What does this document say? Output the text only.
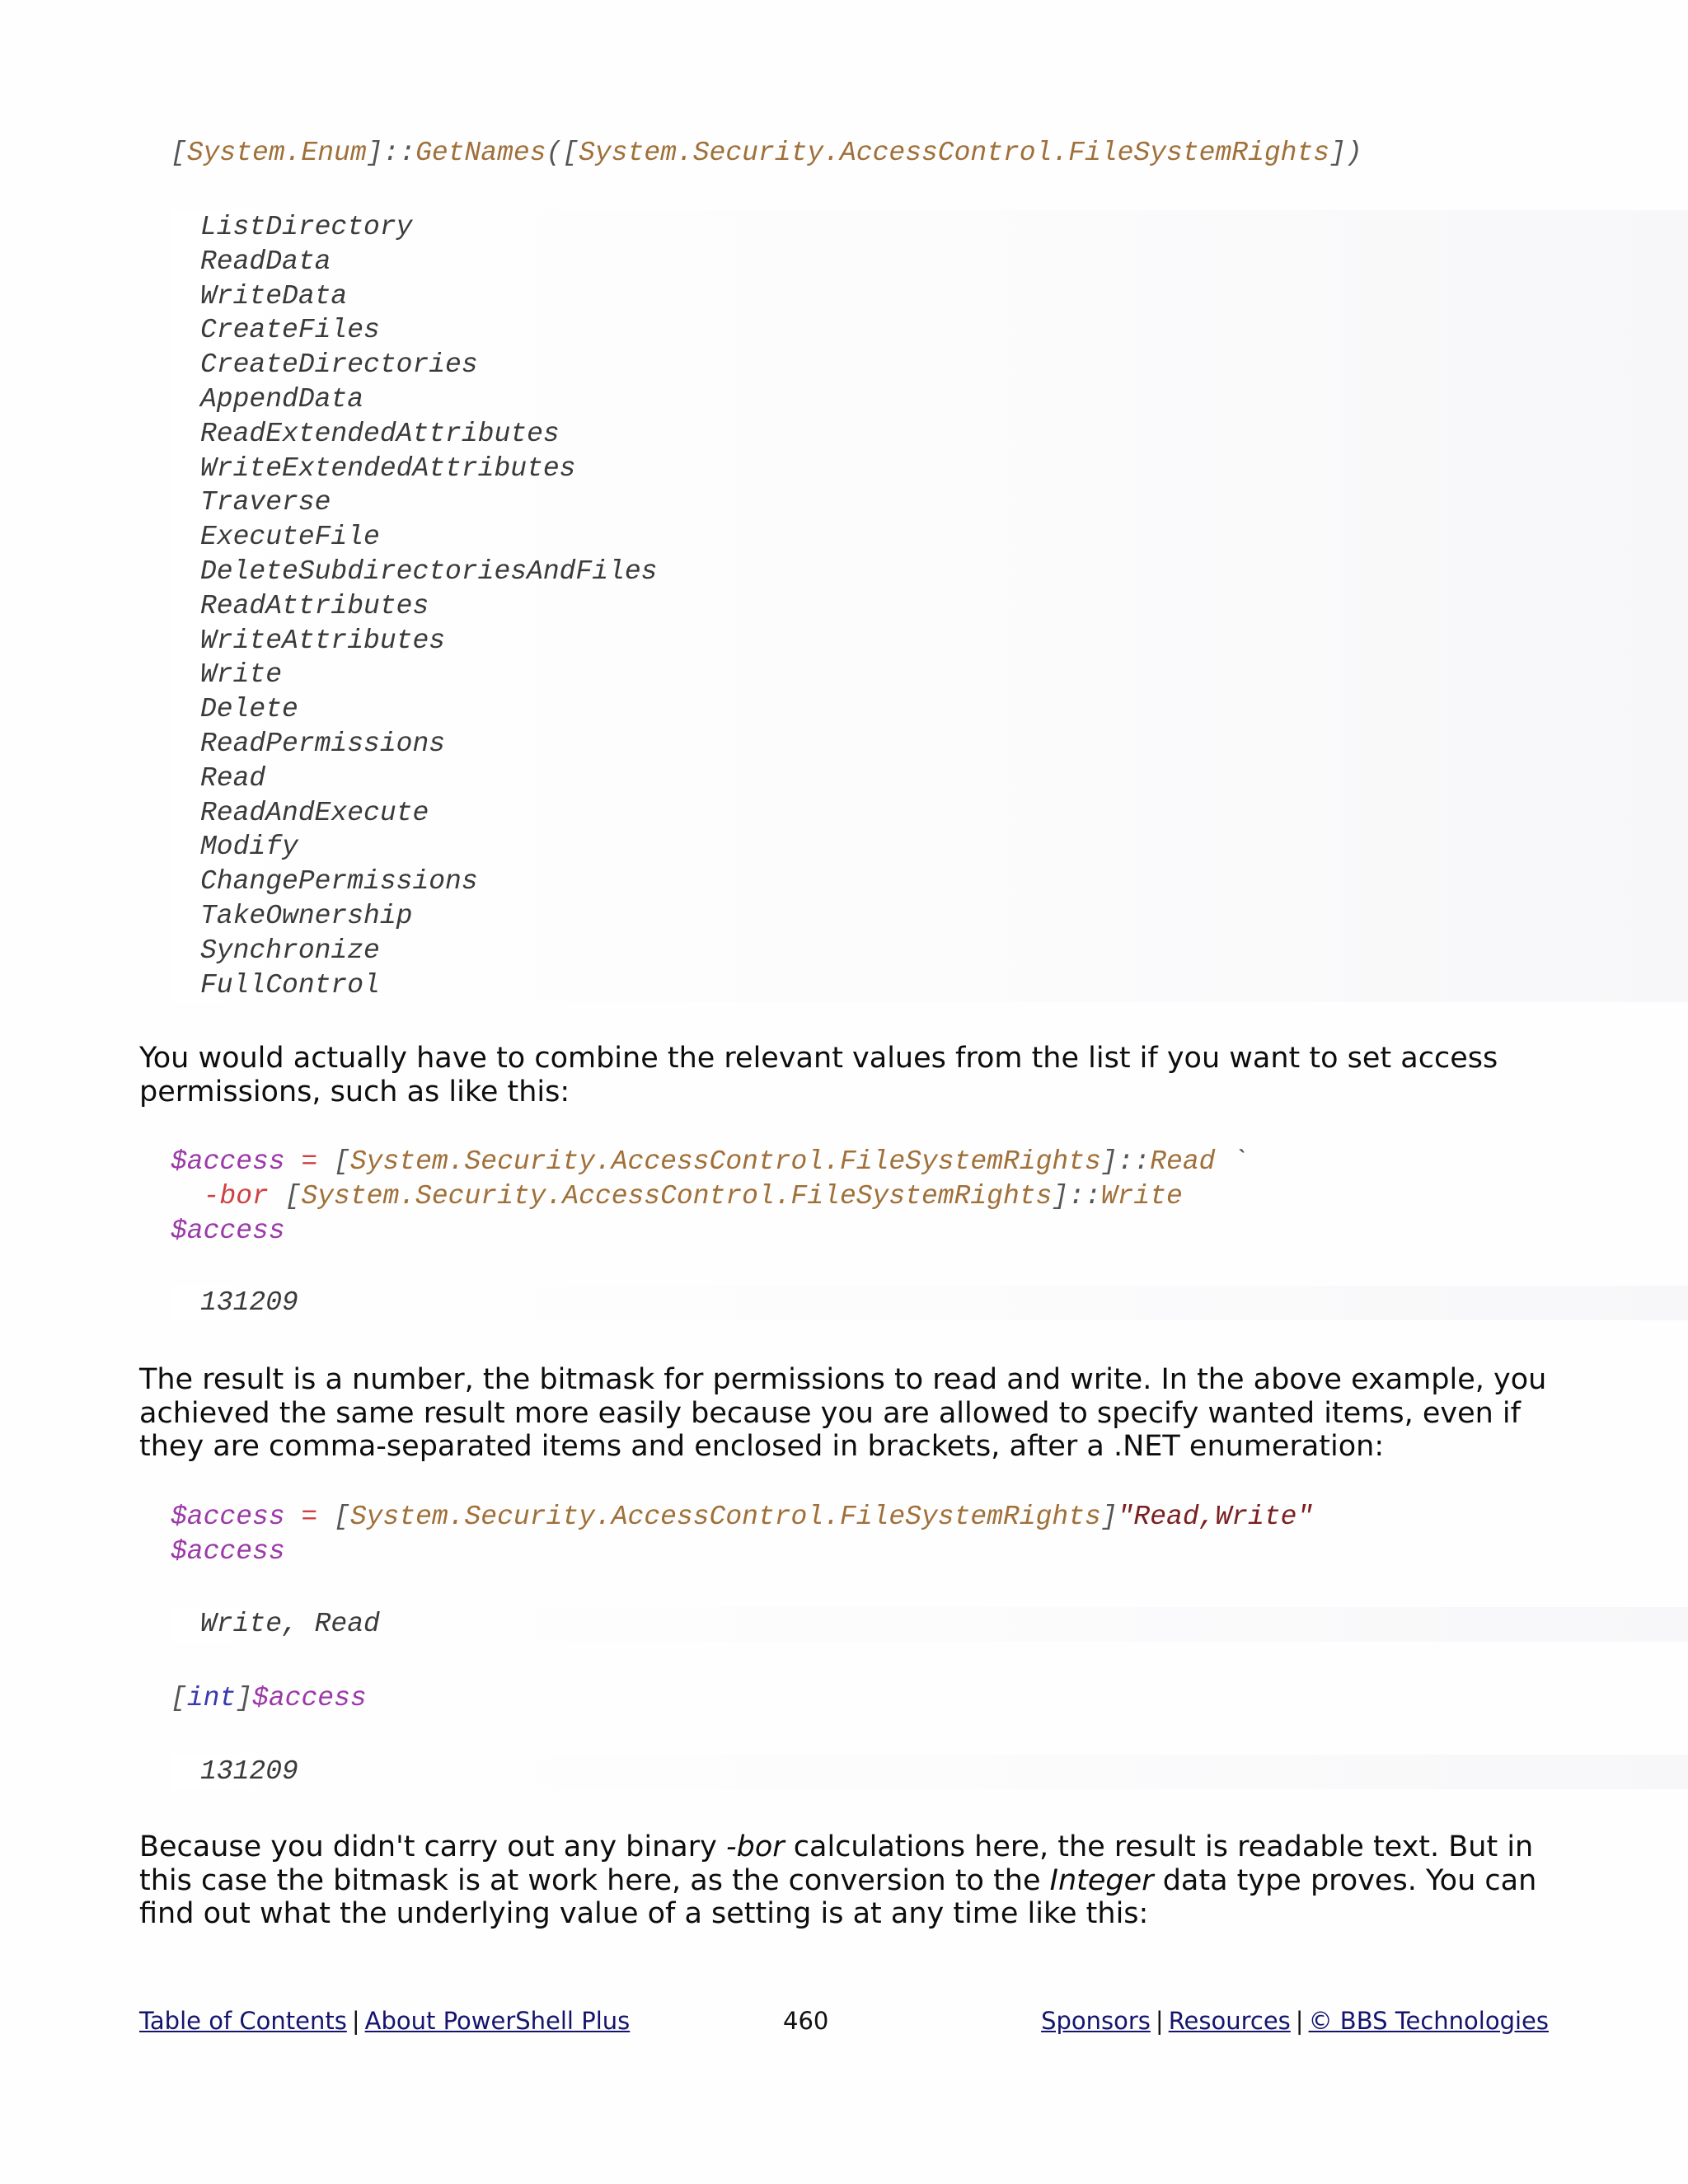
[System.Enum]::GetNames([System.Security.AccessControl.FileSystemRights])
ListDirectory
ReadData
WriteData
CreateFiles
CreateDirectories
AppendData
ReadExtendedAttributes
WriteExtendedAttributes
Traverse
ExecuteFile
DeleteSubdirectoriesAndFiles
ReadAttributes
WriteAttributes
Write
Delete
ReadPermissions
Read
ReadAndExecute
Modify
ChangePermissions
TakeOwnership
Synchronize
FullControl

You would actually have to combine the relevant values from the list if you want to set access permissions, such as like this:

$access = [System.Security.AccessControl.FileSystemRights]::Read `
-bor [System.Security.AccessControl.FileSystemRights]::Write
$access
131209

The result is a number, the bitmask for permissions to read and write. In the above example, you achieved the same result more easily because you are allowed to specify wanted items, even if they are comma-separated items and enclosed in brackets, after a .NET enumeration:

$access = [System.Security.AccessControl.FileSystemRights]"Read,Write"
$access
Write, Read
[int]$access
131209

Because you didn't carry out any binary -bor calculations here, the result is readable text. But in this case the bitmask is at work here, as the conversion to the Integer data type proves. You can find out what the underlying value of a setting is at any time like this:

Table of Contents | About PowerShell Plus	460	Sponsors | Resources | © BBS Technologies
